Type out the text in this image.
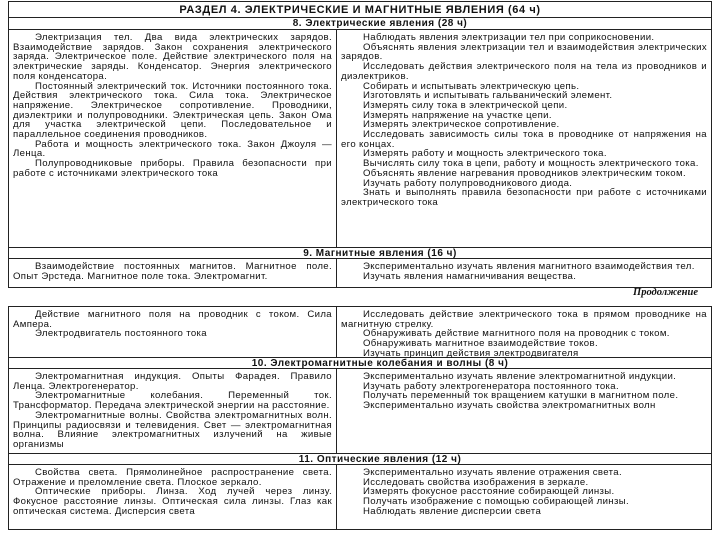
РАЗДЕЛ 4. ЭЛЕКТРИЧЕСКИЕ И МАГНИТНЫЕ ЯВЛЕНИЯ (64 ч)
8. Электрические явления (28 ч)

Электризация тел. Два вида электрических зарядов. Взаимодействие зарядов. Закон сохранения электрического заряда. Электрическое поле. Действие электрического поля на электрические заряды. Конденсатор. Энергия электрического поля конденсатора.

Постоянный электрический ток. Источники постоянного тока. Действия электрического тока. Сила тока. Электрическое напряжение. Электрическое сопротивление. Проводники, диэлектрики и полупроводники. Электрическая цепь. Закон Ома для участка электрической цепи. Последовательное и параллельное соединения проводников.

Работа и мощность электрического тока. Закон Джоуля — Ленца.

Полупроводниковые приборы. Правила безопасности при работе с источниками электрического тока

Наблюдать явления электризации тел при соприкосновении.

Объяснять явления электризации тел и взаимодействия электрических зарядов.

Исследовать действия электрического поля на тела из проводников и диэлектриков.

Собирать и испытывать электрическую цепь.

Изготовлять и испытывать гальванический элемент.

Измерять силу тока в электрической цепи.

Измерять напряжение на участке цепи.

Измерять электрическое сопротивление.

Исследовать зависимость силы тока в проводнике от напряжения на его концах.

Измерять работу и мощность электрического тока.

Вычислять силу тока в цепи, работу и мощность электрического тока.

Объяснять явление нагревания проводников электрическим током.

Изучать работу полупроводникового диода.

Знать и выполнять правила безопасности при работе с источниками электрического тока

9. Магнитные явления (16 ч)

Взаимодействие постоянных магнитов. Магнитное поле. Опыт Эрстеда. Магнитное поле тока. Электромагнит.

Экспериментально изучать явления магнитного взаимодействия тел.

Изучать явления намагничивания вещества.

Продолжение

Действие магнитного поля на проводник с током. Сила Ампера.

Электродвигатель постоянного тока

Исследовать действие электрического тока в прямом проводнике на магнитную стрелку.

Обнаруживать действие магнитного поля на проводник с током.

Обнаруживать магнитное взаимодействие токов.

Изучать принцип действия электродвигателя

10. Электромагнитные колебания и волны (8 ч)

Электромагнитная индукция. Опыты Фарадея. Правило Ленца. Электрогенератор.

Электромагнитные колебания. Переменный ток. Трансформатор. Передача электрической энергии на расстояние.

Электромагнитные волны. Свойства электромагнитных волн. Принципы радиосвязи и телевидения. Свет — электромагнитная волна. Влияние электромагнитных излучений на живые организмы

Экспериментально изучать явление электромагнитной индукции.

Изучать работу электрогенератора постоянного тока.

Получать переменный ток вращением катушки в магнитном поле.

Экспериментально изучать свойства электромагнитных волн

11. Оптические явления (12 ч)

Свойства света. Прямолинейное распространение света. Отражение и преломление света. Плоское зеркало.

Оптические приборы. Линза. Ход лучей через линзу. Фокусное расстояние линзы. Оптическая сила линзы. Глаз как оптическая система. Дисперсия света

Экспериментально изучать явление отражения света.

Исследовать свойства изображения в зеркале.

Измерять фокусное расстояние собирающей линзы.

Получать изображение с помощью собирающей линзы.

Наблюдать явление дисперсии света
